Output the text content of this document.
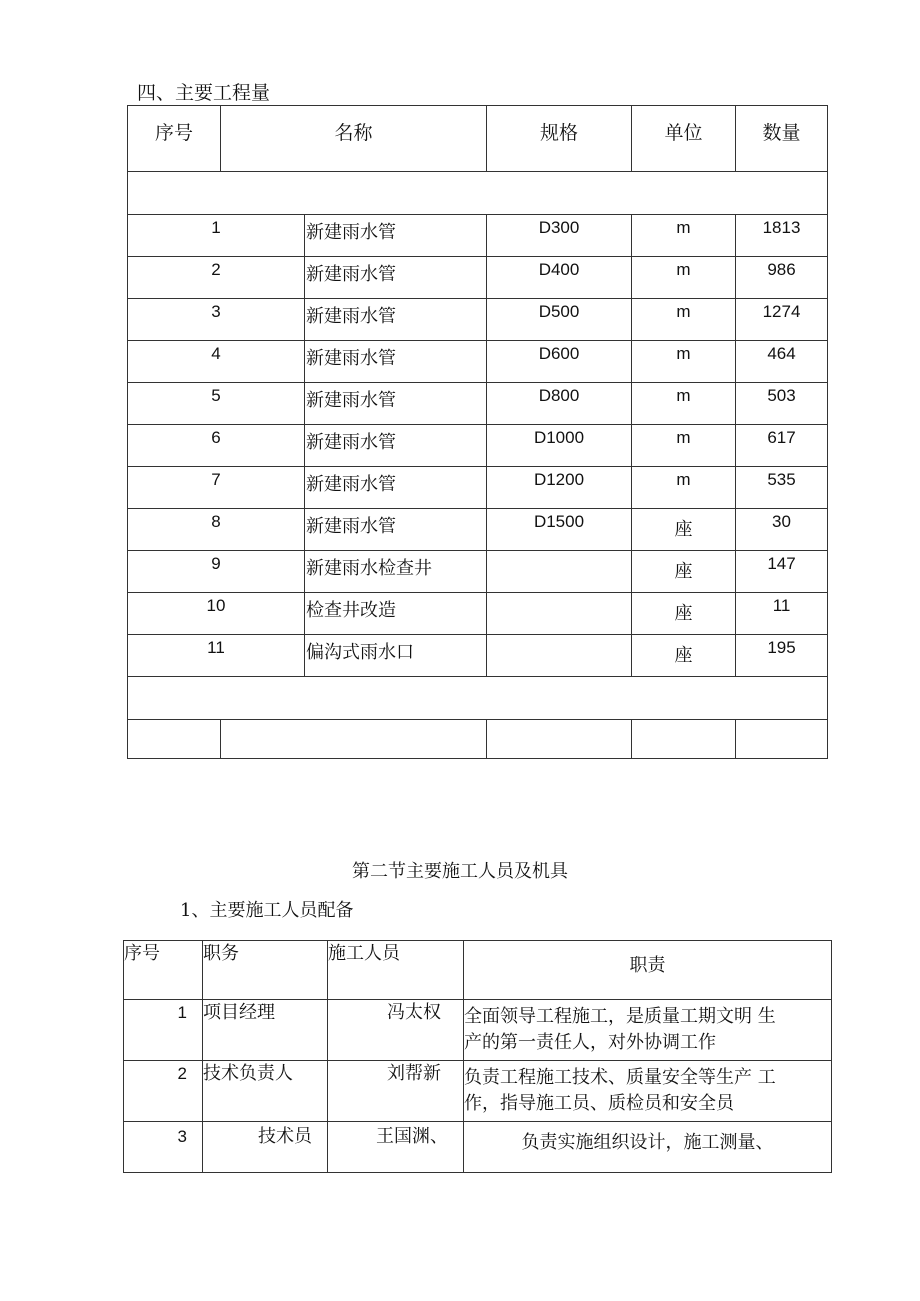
四、主要工程量
序号	名称		规格	单位	数量

1		新建雨水管	D300	m	1813
2		新建雨水管	D400	m	986
3		新建雨水管	D500	m	1274
4		新建雨水管	D600	m	464
5		新建雨水管	D800	m	503
6		新建雨水管	D1000	m	617
7		新建雨水管	D1200	m	535
8		新建雨水管	D1500	座	30
9		新建雨水检查井		座	147
10		检查井改造		座	11
11		偏沟式雨水口		座	195

第二节主要施工人员及机具
1、主要施工人员配备
序号	职务	施工人员	职责
1	项目经理	冯太权	全面领导工程施工，是质量工期文明 生
产的第一责任人，对外协调工作

2	技术负责人	刘帮新	负责工程施工技术、质量安全等生产 工
作，指导施工员、质检员和安全员

3	技术员	王国渊、	负责实施组织设计，施工测量、
